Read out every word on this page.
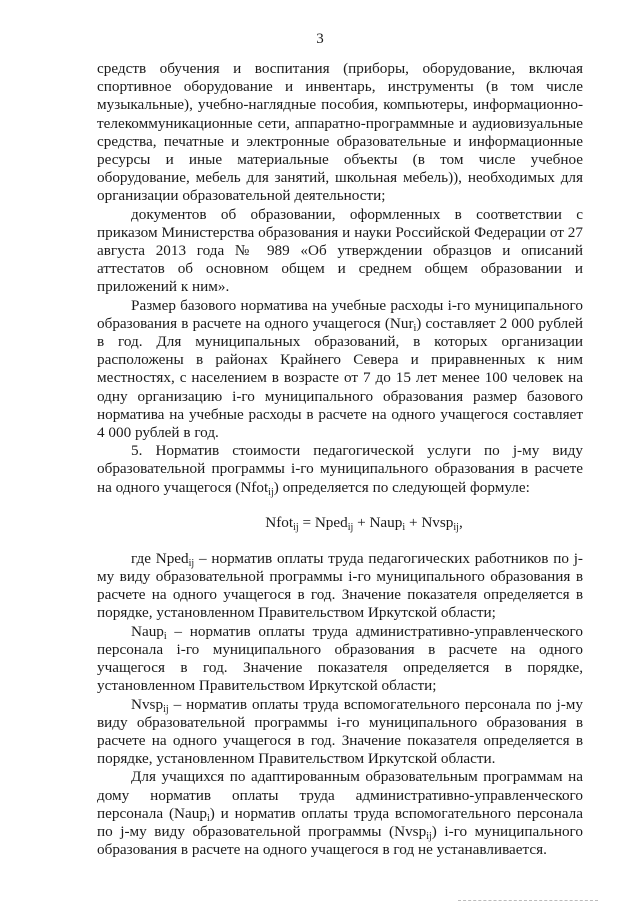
3

средств обучения и воспитания (приборы, оборудование, включая спортивное оборудование и инвентарь, инструменты (в том числе музыкальные), учебно-наглядные пособия, компьютеры, информационно-телекоммуникационные сети, аппаратно-программные и аудиовизуальные средства, печатные и электронные образовательные и информационные ресурсы и иные материальные объекты (в том числе учебное оборудование, мебель для занятий, школьная мебель)), необходимых для организации образовательной деятельности;

документов об образовании, оформленных в соответствии с приказом Министерства образования и науки Российской Федерации от 27 августа 2013 года № 989 «Об утверждении образцов и описаний аттестатов об основном общем и среднем общем образовании и приложений к ним».

Размер базового норматива на учебные расходы i-го муниципального образования в расчете на одного учащегося (Nur$_i$) составляет 2 000 рублей в год. Для муниципальных образований, в которых организации расположены в районах Крайнего Севера и приравненных к ним местностях, с населением в возрасте от 7 до 15 лет менее 100 человек на одну организацию i-го муниципального образования размер базового норматива на учебные расходы в расчете на одного учащегося составляет 4 000 рублей в год.

5. Норматив стоимости педагогической услуги по j-му виду образовательной программы i-го муниципального образования в расчете на одного учащегося (Nfot$_{ij}$) определяется по следующей формуле:

Nfot$_{ij}$ = Nped$_{ij}$ + Naup$_i$ + Nvsp$_{ij}$,

где Nped$_{ij}$ – норматив оплаты труда педагогических работников по j-му виду образовательной программы i-го муниципального образования в расчете на одного учащегося в год. Значение показателя определяется в порядке, установленном Правительством Иркутской области;

Naup$_i$ – норматив оплаты труда административно-управленческого персонала i-го муниципального образования в расчете на одного учащегося в год. Значение показателя определяется в порядке, установленном Правительством Иркутской области;

Nvsp$_{ij}$ – норматив оплаты труда вспомогательного персонала по j-му виду образовательной программы i-го муниципального образования в расчете на одного учащегося в год. Значение показателя определяется в порядке, установленном Правительством Иркутской области.

Для учащихся по адаптированным образовательным программам на дому норматив оплаты труда административно-управленческого персонала (Naup$_i$) и норматив оплаты труда вспомогательного персонала по j-му виду образовательной программы (Nvsp$_{ij}$) i-го муниципального образования в расчете на одного учащегося в год не устанавливается.
